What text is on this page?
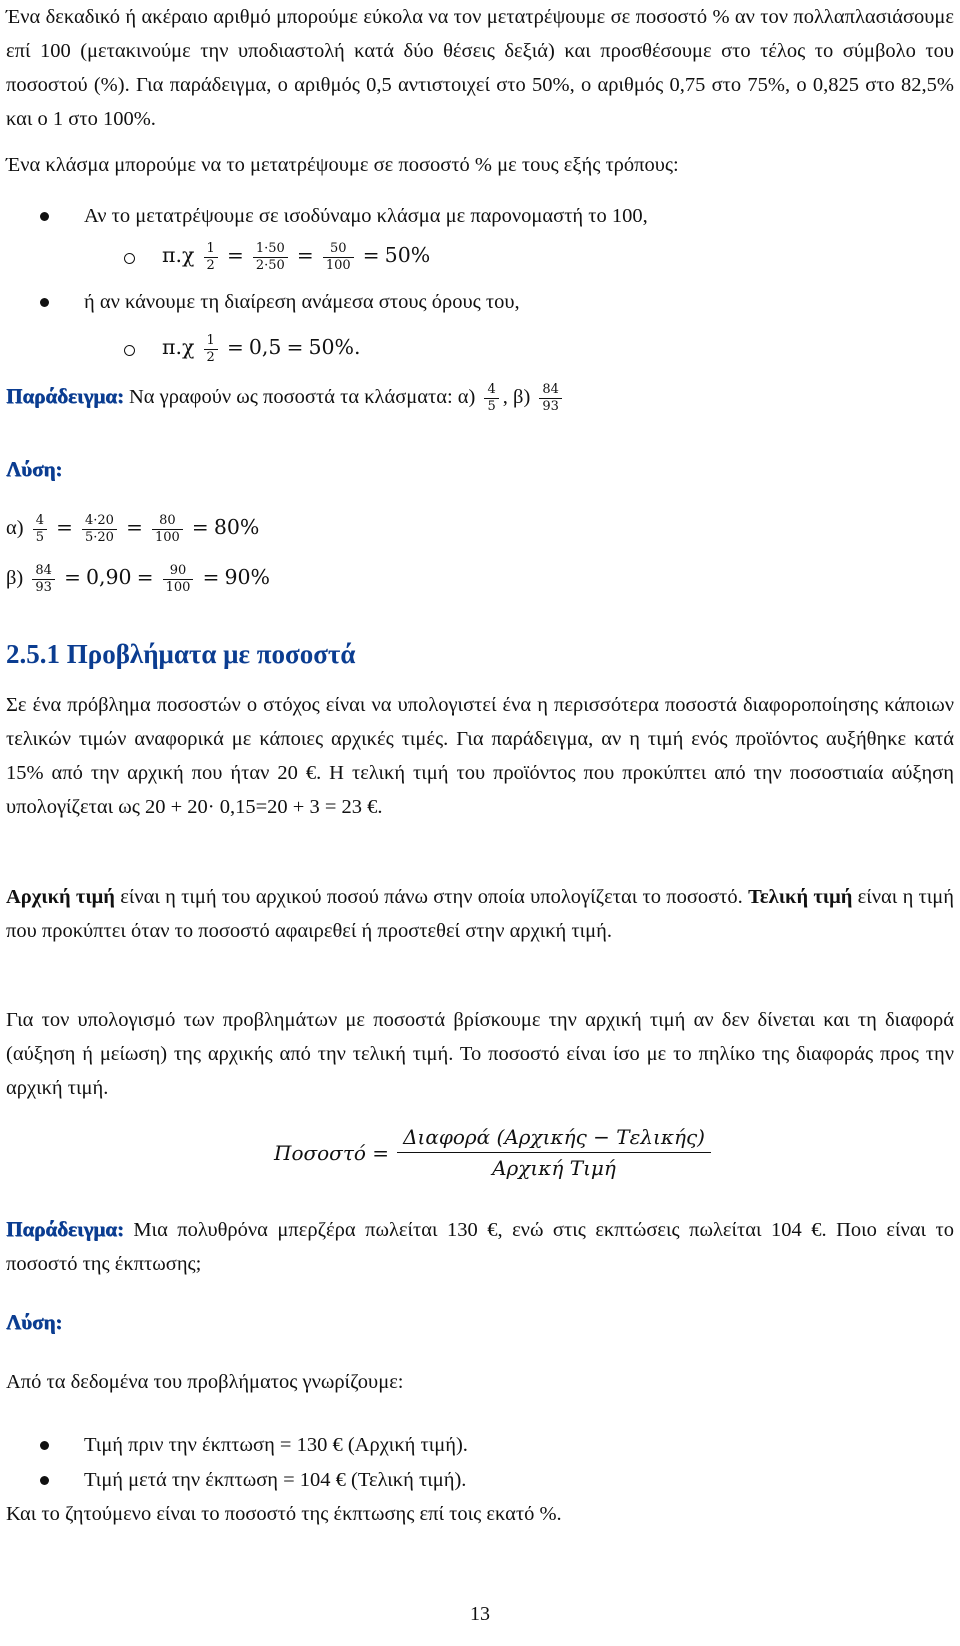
Ένα δεκαδικό ή ακέραιο αριθμό μπορούμε εύκολα να τον μετατρέψουμε σε ποσοστό % αν τον πολλαπλασιάσουμε επί 100 (μετακινούμε την υποδιαστολή κατά δύο θέσεις δεξιά) και προσθέσουμε στο τέλος το σύμβολο του ποσοστού (%). Για παράδειγμα, ο αριθμός 0,5 αντιστοιχεί στο 50%, ο αριθμός 0,75 στο 75%, ο 0,825 στο 82,5% και ο 1 στο 100%.

Ένα κλάσμα μπορούμε να το μετατρέψουμε σε ποσοστό % με τους εξής τρόπους:

Αν το μετατρέψουμε σε ισοδύναμο κλάσμα με παρονομαστή το 100,
$\pi.\chi \frac{1}{2} = \frac{1\cdot 50}{2\cdot 50} = \frac{50}{100} = 50\%$
ή αν κάνουμε τη διαίρεση ανάμεσα στους όρους του,
$\pi.\chi \frac{1}{2} = 0,5 = 50\%$.
Παράδειγμα: Να γραφούν ως ποσοστά τα κλάσματα: $\alpha) \frac{4}{5}$ , $\beta) \frac{84}{93}$
Λύση:
$\alpha) \frac{4}{5} = \frac{4\cdot 20}{5\cdot 20} = \frac{80}{100} = 80\%$
$\beta) \frac{84}{93} = 0,90 = \frac{90}{100} = 90\%$
2.5.1 Προβλήματα με ποσοστά

Σε ένα πρόβλημα ποσοστών ο στόχος είναι να υπολογιστεί ένα η περισσότερα ποσοστά διαφοροποίησης κάποιων τελικών τιμών αναφορικά με κάποιες αρχικές τιμές. Για παράδειγμα, αν η τιμή ενός προϊόντος αυξήθηκε κατά 15% από την αρχική που ήταν 20 €. Η τελική τιμή του προϊόντος που προκύπτει από την ποσοστιαία αύξηση υπολογίζεται ως 20 + 20· 0,15=20 + 3 = 23 €.

Αρχική τιμή είναι η τιμή του αρχικού ποσού πάνω στην οποία υπολογίζεται το ποσοστό. Τελική τιμή είναι η τιμή που προκύπτει όταν το ποσοστό αφαιρεθεί ή προστεθεί στην αρχική τιμή.

Για τον υπολογισμό των προβλημάτων με ποσοστά βρίσκουμε την αρχική τιμή αν δεν δίνεται και τη διαφορά (αύξηση ή μείωση) της αρχικής από την τελική τιμή. Το ποσοστό είναι ίσο με το πηλίκο της διαφοράς προς την αρχική τιμή.

Ποσοστό =
$\frac{\text{Διαφορά (Αρχικής − Τελικής)}}{\text{Αρχική Τιμή}}$

Παράδειγμα: Μια πολυθρόνα μπερζέρα πωλείται 130 €, ενώ στις εκπτώσεις πωλείται 104 €. Ποιο είναι το ποσοστό της έκπτωσης;

Λύση:
Από τα δεδομένα του προβλήματος γνωρίζουμε:
Τιμή πριν την έκπτωση = 130 € (Αρχική τιμή).
Τιμή μετά την έκπτωση = 104 € (Τελική τιμή).
Και το ζητούμενο είναι το ποσοστό της έκπτωσης επί τοις εκατό %.
13
